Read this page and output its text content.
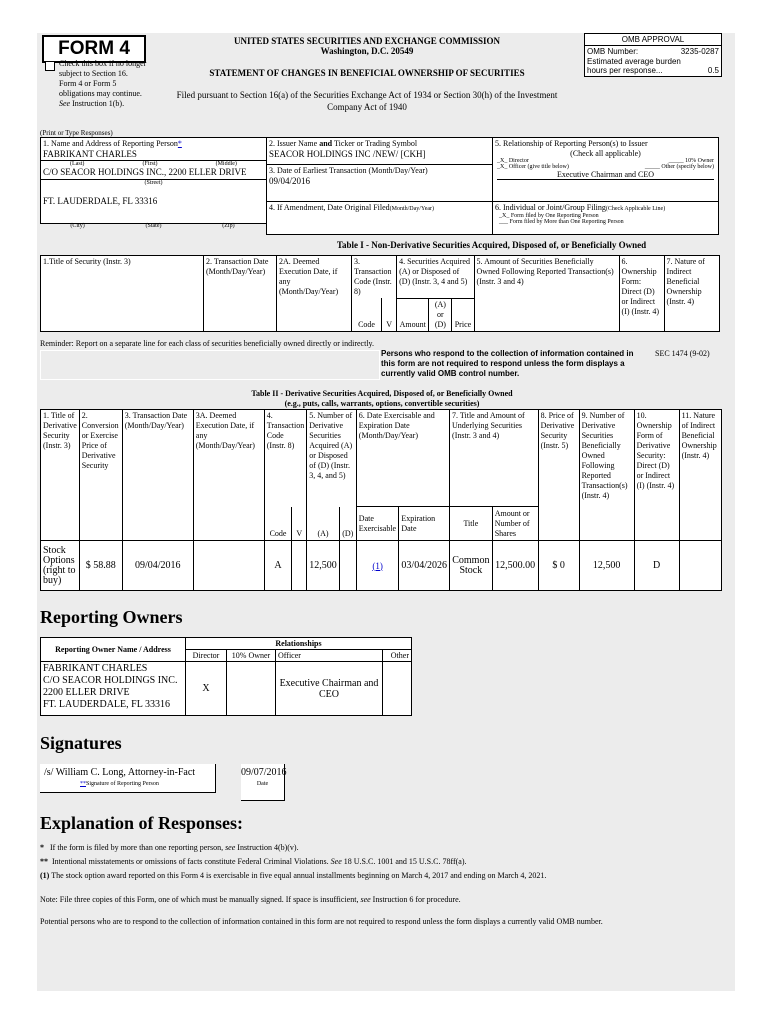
FORM 4
Check this box if no longer subject to Section 16. Form 4 or Form 5 obligations may continue. See Instruction 1(b).
UNITED STATES SECURITIES AND EXCHANGE COMMISSION
Washington, D.C. 20549
STATEMENT OF CHANGES IN BENEFICIAL OWNERSHIP OF SECURITIES
Filed pursuant to Section 16(a) of the Securities Exchange Act of 1934 or Section 30(h) of the Investment Company Act of 1940
OMB APPROVAL
OMB Number:	3235-0287
Estimated average burden
hours per response...	0.5
(Print or Type Responses)
1. Name and Address of Reporting Person*
FABRIKANT CHARLES
(Last)	(First)	(Middle)
C/O SEACOR HOLDINGS INC., 2200 ELLER DRIVE
(Street)
FT. LAUDERDALE, FL 33316
(City)	(State)	(Zip)
2. Issuer Name and Ticker or Trading Symbol
SEACOR HOLDINGS INC /NEW/ [CKH]
3. Date of Earliest Transaction (Month/Day/Year)
09/04/2016
4. If Amendment, Date Original Filed(Month/Day/Year)
5. Relationship of Reporting Person(s) to Issuer
(Check all applicable)
_X_ Director	_____ 10% Owner
_X_ Officer (give title below)	_____ Other (specify below)
Executive Chairman and CEO
6. Individual or Joint/Group Filing(Check Applicable Line)
_X_ Form filed by One Reporting Person
___ Form filed by More than One Reporting Person
Table I - Non-Derivative Securities Acquired, Disposed of, or Beneficially Owned
1.Title of Security (Instr. 3)	2. Transaction Date (Month/Day/Year)	2A. Deemed Execution Date, if any (Month/Day/Year)	3. Transaction Code (Instr. 8)		4. Securities Acquired (A) or Disposed of (D) (Instr. 3, 4 and 5)			5. Amount of Securities Beneficially Owned Following Reported Transaction(s) (Instr. 3 and 4)	6. Ownership Form: Direct (D) or Indirect (I) (Instr. 4)	7. Nature of Indirect Beneficial Ownership (Instr. 4)
			Code	V	Amount	(A) or (D)	Price			
Reminder: Report on a separate line for each class of securities beneficially owned directly or indirectly.
Persons who respond to the collection of information contained in this form are not required to respond unless the form displays a currently valid OMB control number.
SEC 1474 (9-02)
Table II - Derivative Securities Acquired, Disposed of, or Beneficially Owned
(e.g., puts, calls, warrants, options, convertible securities)
1. Title of Derivative Security (Instr. 3)	2. Conversion or Exercise Price of Derivative Security	3. Transaction Date (Month/Day/Year)	3A. Deemed Execution Date, if any (Month/Day/Year)	4. Transaction Code (Instr. 8)		5. Number of Derivative Securities Acquired (A) or Disposed of (D) (Instr. 3, 4, and 5)		6. Date Exercisable and Expiration Date (Month/Day/Year)		7. Title and Amount of Underlying Securities (Instr. 3 and 4)		8. Price of Derivative Security (Instr. 5)	9. Number of Derivative Securities Beneficially Owned Following Reported Transaction(s) (Instr. 4)	10. Ownership Form of Derivative Security: Direct (D) or Indirect (I) (Instr. 4)	11. Nature of Indirect Beneficial Ownership (Instr. 4)
				Code	V	(A)	(D)	Date Exercisable	Expiration Date	Title	Amount or Number of Shares				
Stock Options (right to buy)	$ 58.88	09/04/2016		A		12,500		(1)	03/04/2026	Common Stock	12,500.00	$ 0	12,500	D	
Reporting Owners
Reporting Owner Name / Address	Relationships			
	Director	10% Owner	Officer	Other

FABRIKANT CHARLES
C/O SEACOR HOLDINGS INC.
2200 ELLER DRIVE
FT. LAUDERDALE, FL 33316	X		Executive Chairman and CEO	
Signatures
/s/ William C. Long, Attorney-in-Fact
**Signature of Reporting Person
09/07/2016
Date
Explanation of Responses:
* If the form is filed by more than one reporting person, see Instruction 4(b)(v).
** Intentional misstatements or omissions of facts constitute Federal Criminal Violations. See 18 U.S.C. 1001 and 15 U.S.C. 78ff(a).
(1) The stock option award reported on this Form 4 is exercisable in five equal annual installments beginning on March 4, 2017 and ending on March 4, 2021.
Note: File three copies of this Form, one of which must be manually signed. If space is insufficient, see Instruction 6 for procedure.
Potential persons who are to respond to the collection of information contained in this form are not required to respond unless the form displays a currently valid OMB number.
